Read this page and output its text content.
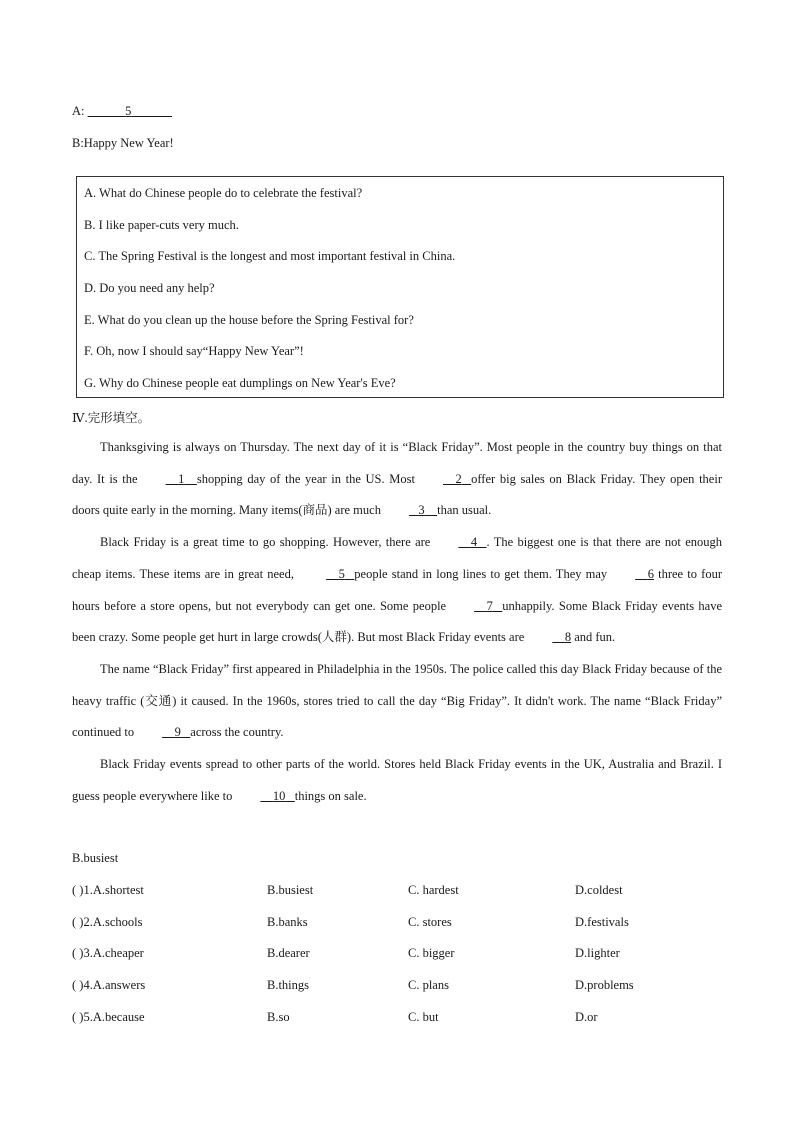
A:	5
B:Happy New Year!
A. What do Chinese people do to celebrate the festival?
B. I like paper-cuts very much.
C. The Spring Festival is the longest and most important festival in China.
D. Do you need any help?
E. What do you clean up the house before the Spring Festival for?
F. Oh, now I should say“Happy New Year”!
G. Why do Chinese people eat dumplings on New Year's Eve?
Ⅳ.完形填空。

Thanksgiving is always on Thursday. The next day of it is “Black Friday”. Most people in the country buy things on that day. It is the	1 shopping day of the year in the US. Most	2 offer big sales on Black Friday. They open their doors quite early in the morning. Many items(商品) are much	3 than usual.

Black Friday is a great time to go shopping. However, there are	4 . The biggest one is that there are not enough cheap items. These items are in great need,	5 people stand in long lines to get them. They may	6 three to four hours before a store opens, but not everybody can get one. Some people	7 unhappily. Some Black Friday events have been crazy. Some people get hurt in large crowds(人群). But most Black Friday events are	8 and fun.

The name “Black Friday” first appeared in Philadelphia in the 1950s. The police called this day Black Friday because of the heavy traffic (交通) it caused. In the 1960s, stores tried to call the day “Big Friday”. It didn't work. The name “Black Friday” continued to	9 across the country.

Black Friday events spread to other parts of the world. Stores held Black Friday events in the UK, Australia and Brazil. I guess people everywhere like to	10 things on sale.

B.busiest
( )1.A.shortest	B.busiest	C. hardest	D.coldest
( )2.A.schools	B.banks	C. stores	D.festivals
( )3.A.cheaper	B.dearer	C. bigger	D.lighter
( )4.A.answers	B.things	C. plans	D.problems
( )5.A.because	B.so	C. but	D.or
